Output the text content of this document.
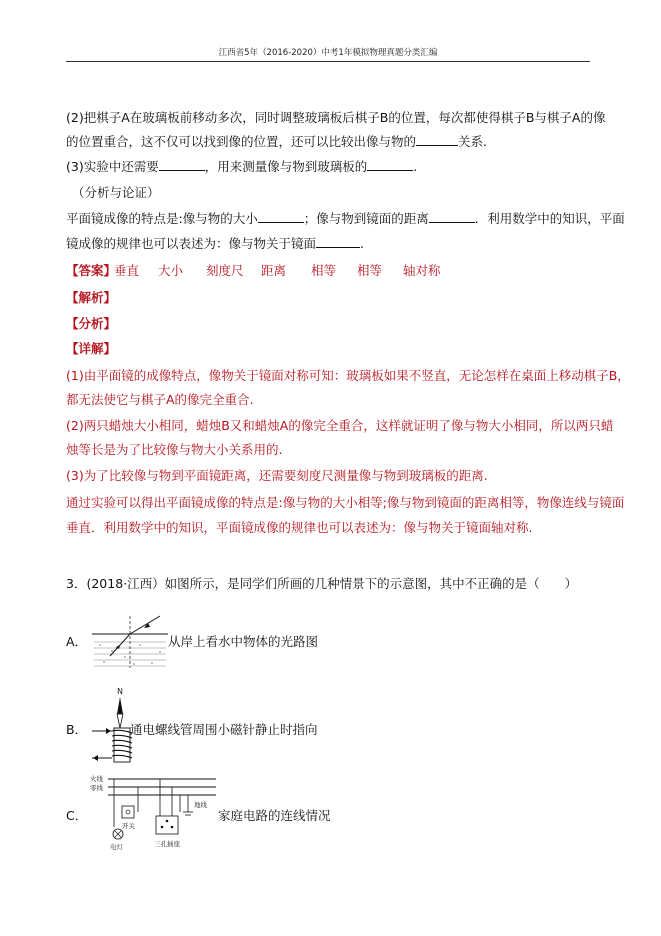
江西省5年（2016-2020）中考1年模拟物理真题分类汇编
(2)把棋子A在玻璃板前移动多次，同时调整玻璃板后棋子B的位置，每次都使得棋子B与棋子A的像
的位置重合，这不仅可以找到像的位置，还可以比较出像与物的	关系.
(3)实验中还需要	，用来测量像与物到玻璃板的	.
（分析与论证）
平面镜成像的特点是:像与物的大小	；像与物到镜面的距离	．利用数学中的知识，平面
镜成像的规律也可以表述为：像与物关于镜面	.
【答案】
垂直 大小 刻度尺 距离 相等 相等 轴对称
【解析】
【分析】
【详解】
(1)由平面镜的成像特点，像物关于镜面对称可知：玻璃板如果不竖直，无论怎样在桌面上移动棋子B，
都无法使它与棋子A的像完全重合.
(2)两只蜡烛大小相同，蜡烛B又和蜡烛A的像完全重合，这样就证明了像与物大小相同，所以两只蜡
烛等长是为了比较像与物大小关系用的.
(3)为了比较像与物到平面镜距离，还需要刻度尺测量像与物到玻璃板的距离.
通过实验可以得出平面镜成像的特点是:像与物的大小相等;像与物到镜面的距离相等，物像连线与镜面
垂直．利用数学中的知识，平面镜成像的规律也可以表述为：像与物关于镜面轴对称.
3．(2018·江西）如图所示，是同学们所画的几种情景下的示意图，其中不正确的是（　　）
A．	从岸上看水中物体的光路图
B．
N
通电螺线管周围小磁针静止时指向
C．
火线
零线
地线
开关
电灯	三孔插座
家庭电路的连线情况
